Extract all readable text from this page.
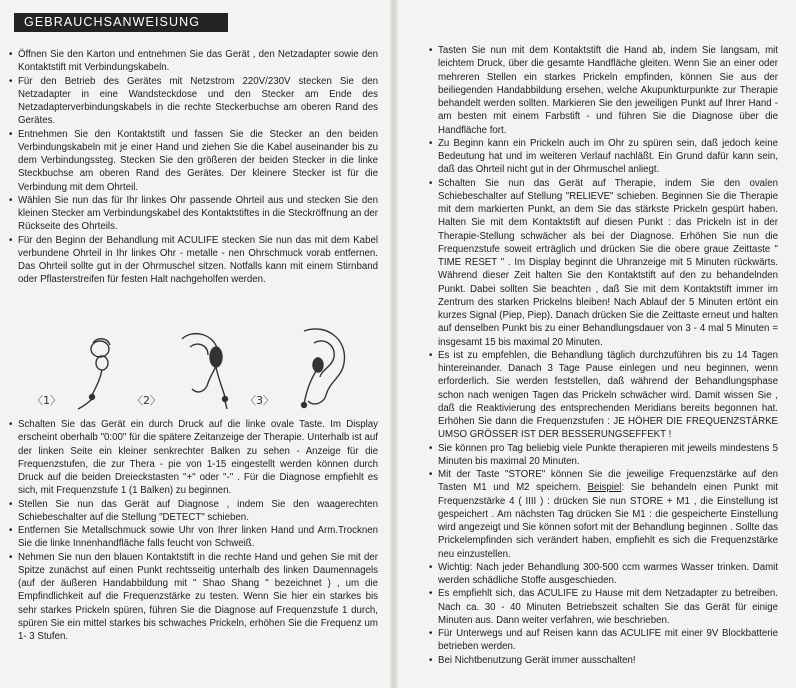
GEBRAUCHSANWEISUNG

• Öffnen Sie den Karton und entnehmen Sie das Gerät , den Netzadapter sowie den Kontaktstift mit Verbindungskabeln.

• Für den Betrieb des Gerätes mit Netzstrom 220V/230V stecken Sie den Netzadapter in eine Wandsteckdose und den Stecker am Ende des Netzadapterverbindungskabels in die rechte Steckerbuchse am oberen Rand des Gerätes.

• Entnehmen Sie den Kontaktstift und fassen Sie die Stecker an den beiden Verbindungskabeln mit je einer Hand und ziehen Sie die Kabel auseinander bis zu dem Verbindungssteg. Stecken Sie den größeren der beiden Stecker in die linke Steckbuchse am oberen Rand des Gerätes. Der kleinere Stecker ist für die Verbindung mit dem Ohrteil.

• Wählen Sie nun das für Ihr linkes Ohr passende Ohrteil aus und stecken Sie den kleinen Stecker am Verbindungskabel des Kontaktstiftes in die Steckröffnung an der Rückseite des Ohrteils.

• Für den Beginn der Behandlung mit ACULIFE stecken Sie nun das mit dem Kabel verbundene Ohrteil in Ihr linkes Ohr - metalle - nen Ohrschmuck vorab entfernen. Das Ohrteil sollte gut in der Ohrmuschel sitzen. Notfalls kann mit einem Stirnband oder Pflasterstreifen für festen Halt nachgeholfen werden.

〈1〉	〈2〉	〈3〉

• Schalten Sie das Gerät ein durch Druck auf die linke ovale Taste. Im Display erscheint oberhalb "0:00" für die spätere Zeitanzeige der Therapie. Unterhalb ist auf der linken Seite ein kleiner senkrechter Balken zu sehen - Anzeige für die Frequenzstufen, die zur Thera - pie von 1-15 eingestellt werden können durch Druck auf die beiden Dreieckstasten "+" oder "-" . Für die Diagnose empfiehlt es sich, mit Frequenzstufe 1 (1 Balken) zu beginnen.

• Stellen Sie nun das Gerät auf Diagnose , indem Sie den waagerechten Schiebeschalter auf die Stellung "DETECT" schieben.

• Entfernen Sie Metallschmuck sowie Uhr von Ihrer linken Hand und Arm.Trocknen Sie die linke Innenhandfläche falls feucht von Schweiß.

• Nehmen Sie nun den blauen Kontaktstift in die rechte Hand und gehen Sie mit der Spitze zunächst auf einen Punkt rechtsseitig unterhalb des linken Daumennagels (auf der äußeren Handabbildung mit " Shao Shang " bezeichnet ) , um die Empfindlichkeit auf die Frequenzstärke zu testen. Wenn Sie hier ein starkes bis sehr starkes Prickeln spüren, führen Sie die Diagnose auf Frequenzstufe 1 durch, spüren Sie ein mittel starkes bis schwaches Prickeln, erhöhen Sie die Frequenz um 1- 3 Stufen.

• Tasten Sie nun mit dem Kontaktstift die Hand ab, indem Sie langsam, mit leichtem Druck, über die gesamte Handfläche gleiten. Wenn Sie an einer oder mehreren Stellen ein starkes Prickeln empfinden, können Sie aus der beiliegenden Handabbildung ersehen, welche Akupunkturpunkte zur Therapie behandelt werden sollten. Markieren Sie den jeweiligen Punkt auf Ihrer Hand - am besten mit einem Farbstift - und führen Sie die Diagnose über die Handfläche fort.

• Zu Beginn kann ein Prickeln auch im Ohr zu spüren sein, daß jedoch keine Bedeutung hat und im weiteren Verlauf nachläßt. Ein Grund dafür kann sein, daß das Ohrteil nicht gut in der Ohrmuschel anliegt.

• Schalten Sie nun das Gerät auf Therapie, indem Sie den ovalen Schiebeschalter auf Stellung "RELIEVE" schieben. Beginnen Sie die Therapie mit dem markierten Punkt, an dem Sie das stärkste Prickeln gespürt haben. Halten Sie mit dem Kontaktstift auf diesen Punkt : das Prickeln ist in der Therapie-Stellung schwächer als bei der Diagnose. Erhöhen Sie nun die Frequenzstufe soweit erträglich und drücken Sie die obere graue Zeittaste " TIME RESET " . Im Display beginnt die Uhranzeige mit 5 Minuten rückwärts. Während dieser Zeit halten Sie den Kontaktstift auf den zu behandelnden Punkt. Dabei sollten Sie beachten , daß Sie mit dem Kontaktstift immer im Zentrum des starken Prickelns bleiben! Nach Ablauf der 5 Minuten ertönt ein kurzes Signal (Piep, Piep). Danach drücken Sie die Zeittaste erneut und halten auf denselben Punkt bis zu einer Behandlungsdauer von 3 - 4 mal 5 Minuten = insgesamt 15 bis maximal 20 Minuten.

• Es ist zu empfehlen, die Behandlung täglich durchzuführen bis zu 14 Tagen hintereinander. Danach 3 Tage Pause einlegen und neu beginnen, wenn erforderlich. Sie werden feststellen, daß während der Behandlungsphase schon nach wenigen Tagen das Prickeln schwächer wird. Damit wissen Sie , daß die Reaktivierung des entsprechenden Meridians bereits begonnen hat. Erhöhen Sie dann die Frequenzstufen : JE HÖHER DIE FREQUENZSTÄRKE UMSO GRÖSSER IST DER BESSERUNGSEFFEKT !

• Sie können pro Tag beliebig viele Punkte therapieren mit jeweils mindestens 5 Minuten bis maximal 20 Minuten.

• Mit der Taste "STORE" können Sie die jeweilige Frequenzstärke auf den Tasten M1 und M2 speichern. Beispiel: Sie behandeln einen Punkt mit Frequenzstärke 4 ( IIII ) : drücken Sie nun STORE + M1 , die Einstellung ist gespeichert . Am nächsten Tag drücken Sie M1 : die gespeicherte Einstellung wird angezeigt und Sie können sofort mit der Behandlung beginnen . Sollte das Prickelempfinden sich verändert haben, empfiehlt es sich die Frequenzstärke neu einzustellen.

• Wichtig: Nach jeder Behandlung 300-500 ccm warmes Wasser trinken. Damit werden schädliche Stoffe ausgeschieden.

• Es empfiehlt sich, das ACULIFE zu Hause mit dem Netzadapter zu betreiben. Nach ca. 30 - 40 Minuten Betriebszeit schalten Sie das Gerät für einige Minuten aus. Dann weiter verfahren, wie beschrieben.

• Für Unterwegs und auf Reisen kann das ACULIFE mit einer 9V Blockbatterie betrieben werden.

• Bei Nichtbenutzung Gerät immer ausschalten!
